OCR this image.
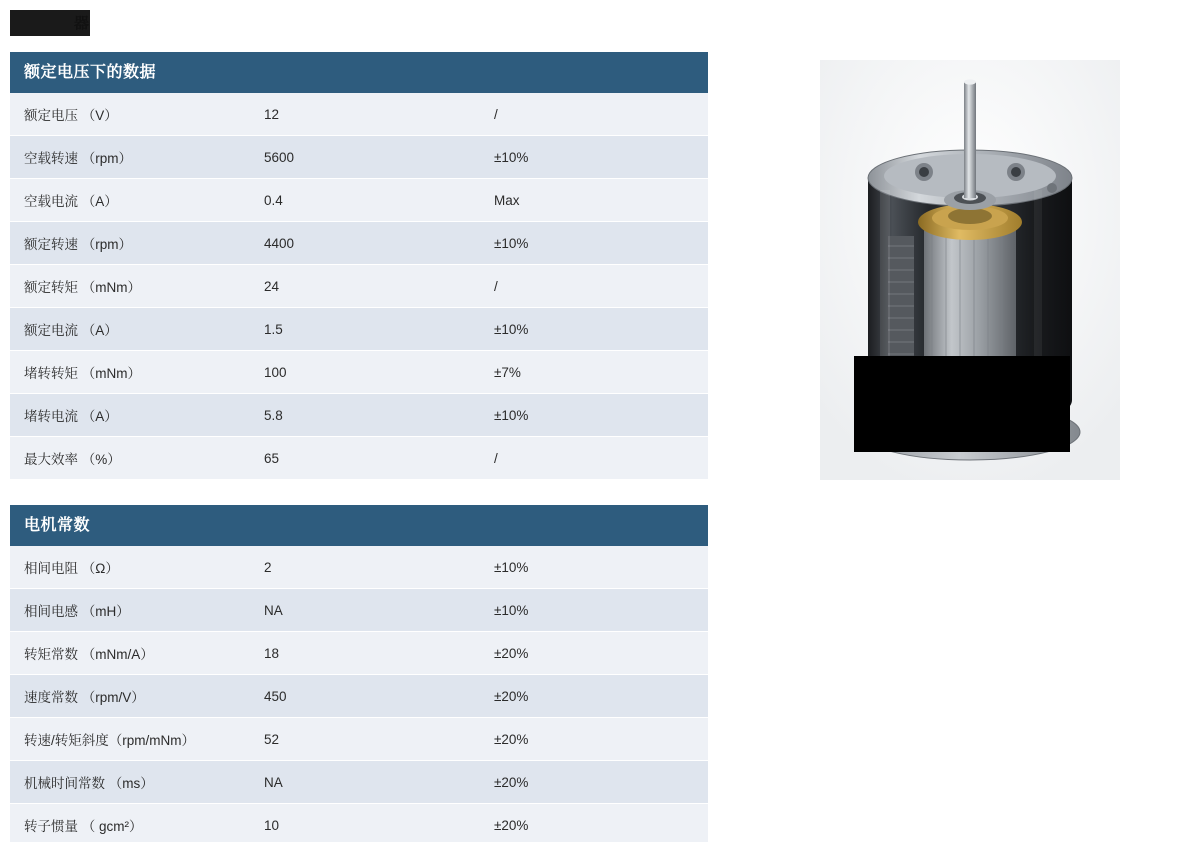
器
额定电压下的数据
额定电压 （V）	12	/
空载转速 （rpm）	5600	±10%
空载电流 （A）	0.4	Max
额定转速 （rpm）	4400	±10%
额定转矩 （mNm）	24	/
额定电流 （A）	1.5	±10%
堵转转矩 （mNm）	100	±7%
堵转电流 （A）	5.8	±10%
最大效率 （%）	65	/
电机常数
相间电阻 （Ω）	2	±10%
相间电感 （mH）	NA	±10%
转矩常数 （mNm/A）	18	±20%
速度常数 （rpm/V）	450	±20%
转速/转矩斜度（rpm/mNm）	52	±20%
机械时间常数 （ms）	NA	±20%
转子惯量 （ gcm²）	10	±20%
